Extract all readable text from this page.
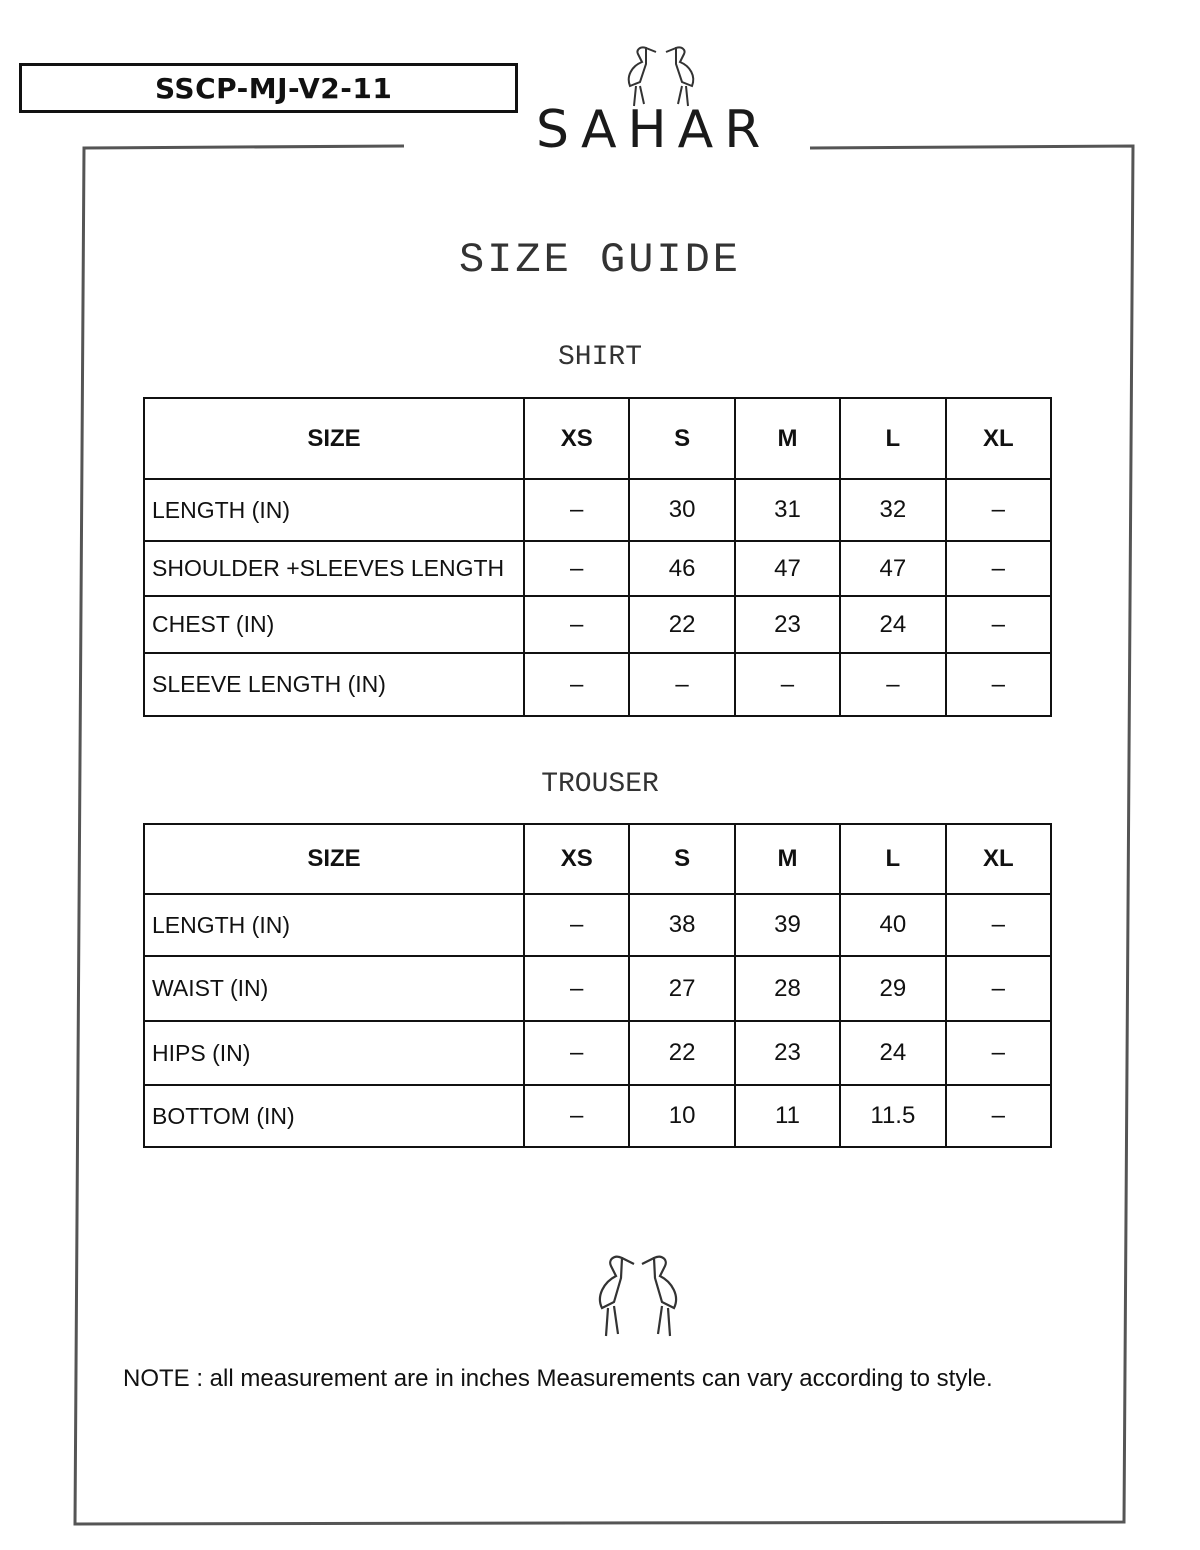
SSCP-MJ-V2-11
SAHAR
SIZE GUIDE
SHIRT
SIZE	XS	S	M	L	XL
LENGTH (IN)	–	30	31	32	–
SHOULDER +SLEEVES LENGTH	–	46	47	47	–
CHEST (IN)	–	22	23	24	–
SLEEVE LENGTH (IN)	–	–	–	–	–
TROUSER
SIZE	XS	S	M	L	XL
LENGTH (IN)	–	38	39	40	–
WAIST (IN)	–	27	28	29	–
HIPS (IN)	–	22	23	24	–
BOTTOM (IN)	–	10	11	11.5	–
NOTE : all measurement are in inches Measurements can vary according to style.
